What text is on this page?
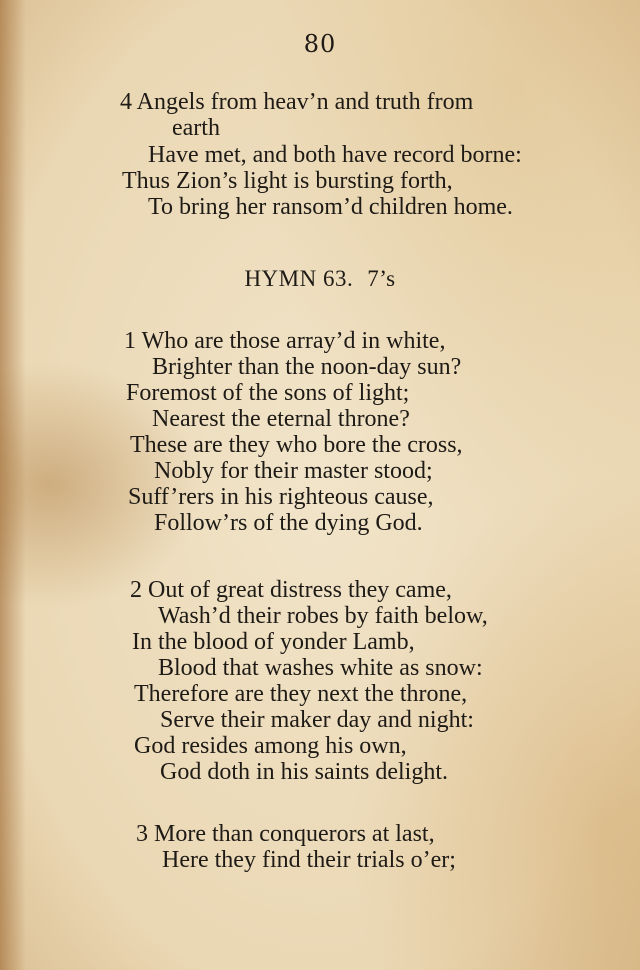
80
4 Angels from heav’n and truth from
earth
Have met, and both have record borne:
Thus Zion’s light is bursting forth,
To bring her ransom’d children home.
HYMN 63. 7’s
1 Who are those array’d in white,
Brighter than the noon-day sun?
Foremost of the sons of light;
Nearest the eternal throne?
These are they who bore the cross,
Nobly for their master stood;
Suff’rers in his righteous cause,
Follow’rs of the dying God.
2 Out of great distress they came,
Wash’d their robes by faith below,
In the blood of yonder Lamb,
Blood that washes white as snow:
Therefore are they next the throne,
Serve their maker day and night:
God resides among his own,
God doth in his saints delight.
3 More than conquerors at last,
Here they find their trials o’er;
